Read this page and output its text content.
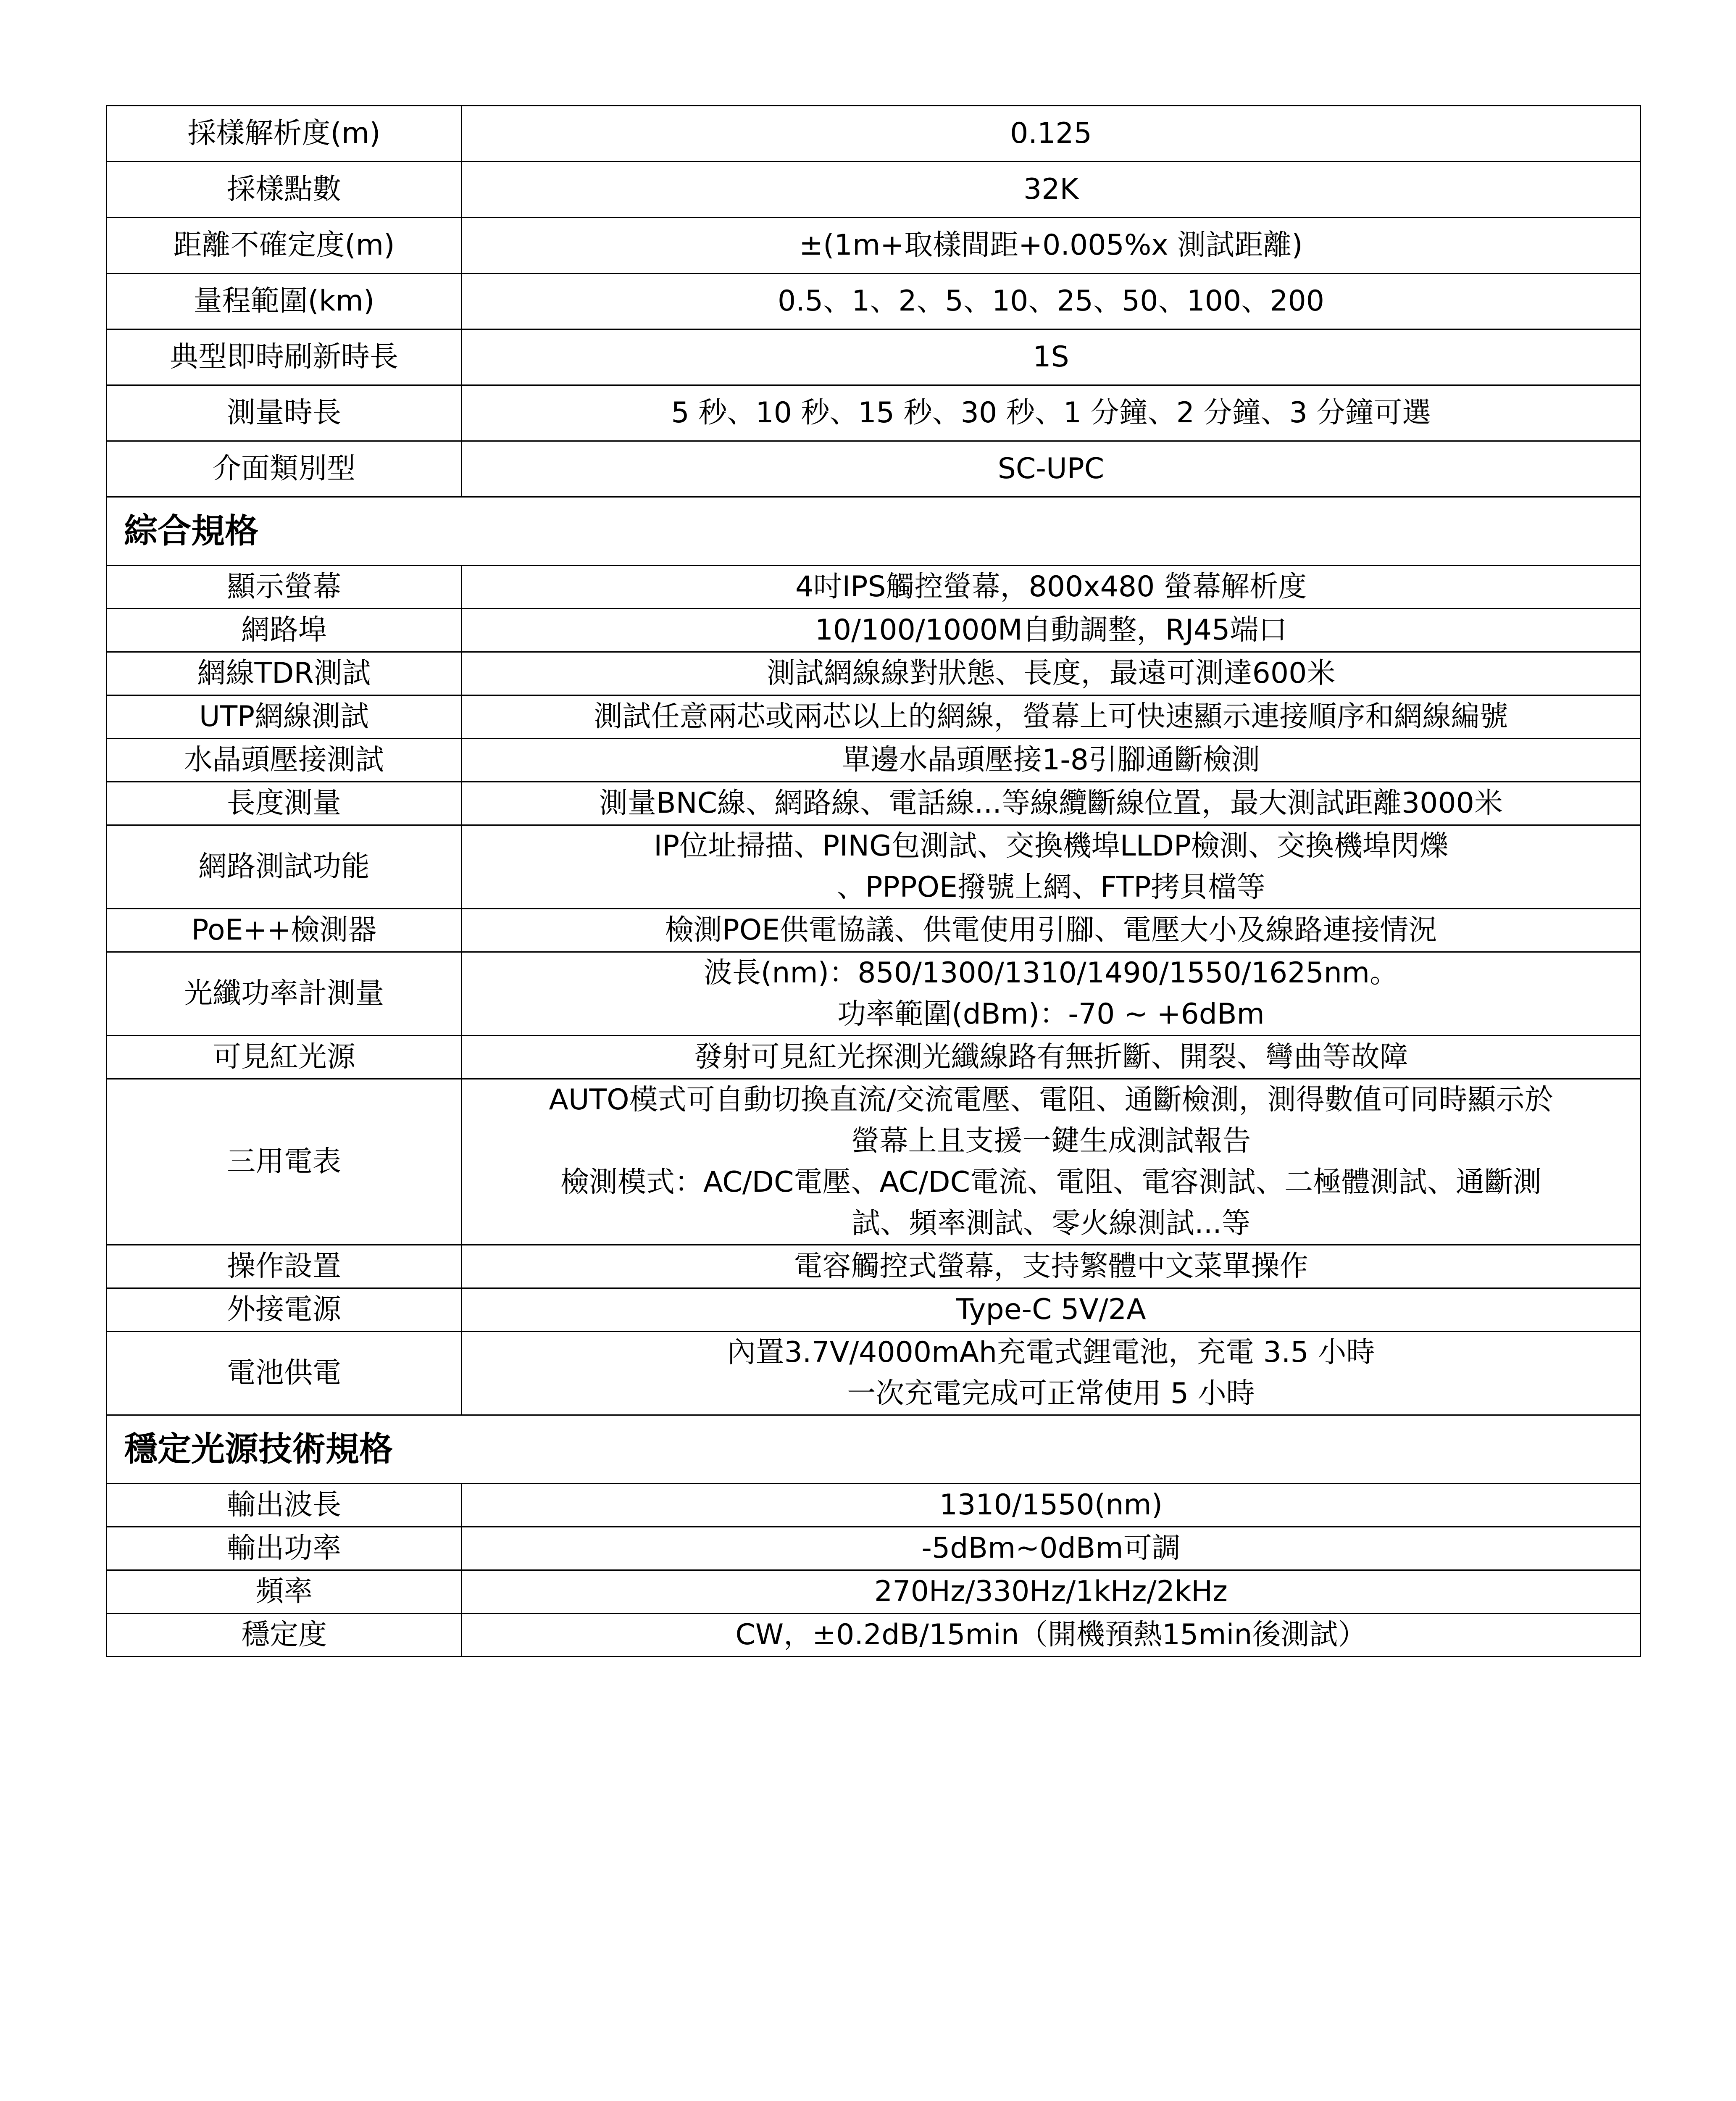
採樣解析度(m)	0.125
採樣點數	32K
距離不確定度(m)	±(1m+取樣間距+0.005%x 測試距離)
量程範圍(km)	0.5、1、2、5、10、25、50、100、200
典型即時刷新時長	1S
測量時長	5 秒、10 秒、15 秒、30 秒、1 分鐘、2 分鐘、3 分鐘可選
介面類別型	SC-UPC
綜合規格	
顯示螢幕	4吋IPS觸控螢幕，800x480 螢幕解析度

網路埠	10/100/1000M自動調整，RJ45端口

網線TDR測試	測試網線線對狀態、長度，最遠可測達600米

UTP網線測試	測試任意兩芯或兩芯以上的網線，螢幕上可快速顯示連接順序和網線編號

水晶頭壓接測試	單邊水晶頭壓接1-8引腳通斷檢測

長度測量	測量BNC線、網路線、電話線...等線纜斷線位置，最大測試距離3000米

網路測試功能	IP位址掃描、PING包測試、交換機埠LLDP檢測、交換機埠閃爍
、PPPOE撥號上網、FTP拷貝檔等

PoE++檢測器	檢測POE供電協議、供電使用引腳、電壓大小及線路連接情況

光纖功率計測量	波長(nm)：850/1300/1310/1490/1550/1625nm。
功率範圍(dBm)：-70 ~ +6dBm

可見紅光源	發射可見紅光探測光纖線路有無折斷、開裂、彎曲等故障

三用電表	AUTO模式可自動切換直流/交流電壓、電阻、通斷檢測，測得數值可同時顯示於
螢幕上且支援一鍵生成測試報告
檢測模式：AC/DC電壓、AC/DC電流、電阻、電容測試、二極體測試、通斷測
試、頻率測試、零火線測試...等

操作設置	電容觸控式螢幕，支持繁體中文菜單操作

外接電源	Type-C 5V/2A

電池供電	內置3.7V/4000mAh充電式鋰電池，充電 3.5 小時
一次充電完成可正常使用 5 小時

穩定光源技術規格	
輸出波長	1310/1550(nm)
輸出功率	-5dBm~0dBm可調
頻率	270Hz/330Hz/1kHz/2kHz
穩定度	CW，±0.2dB/15min（開機預熱15min後測試）
